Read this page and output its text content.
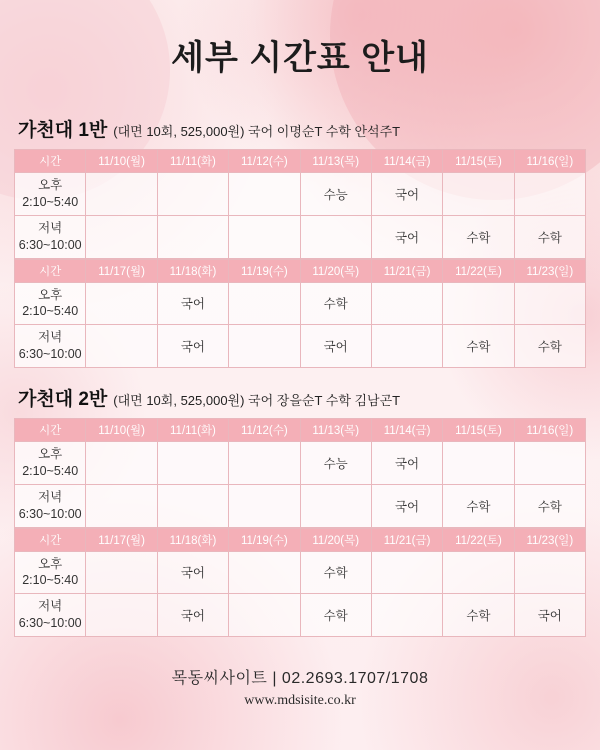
세부 시간표 안내
가천대 1반 (대면 10회, 525,000원) 국어 이명순T 수학 안석주T
시간	11/10(월)	11/11(화)	11/12(수)	11/13(목)	11/14(금)	11/15(토)	11/16(일)

오후
2:10~5:40				수능	국어		

저녁
6:30~10:00					국어	수학	수학
시간	11/17(월)	11/18(화)	11/19(수)	11/20(목)	11/21(금)	11/22(토)	11/23(일)

오후
2:10~5:40		국어		수학			

저녁
6:30~10:00		국어		국어		수학	수학
가천대 2반 (대면 10회, 525,000원) 국어 장을순T 수학 김남곤T
시간	11/10(월)	11/11(화)	11/12(수)	11/13(목)	11/14(금)	11/15(토)	11/16(일)

오후
2:10~5:40				수능	국어		

저녁
6:30~10:00					국어	수학	수학
시간	11/17(월)	11/18(화)	11/19(수)	11/20(목)	11/21(금)	11/22(토)	11/23(일)

오후
2:10~5:40		국어		수학			

저녁
6:30~10:00		국어		수학		수학	국어
목동씨사이트 | 02.2693.1707/1708
www.mdsisite.co.kr
